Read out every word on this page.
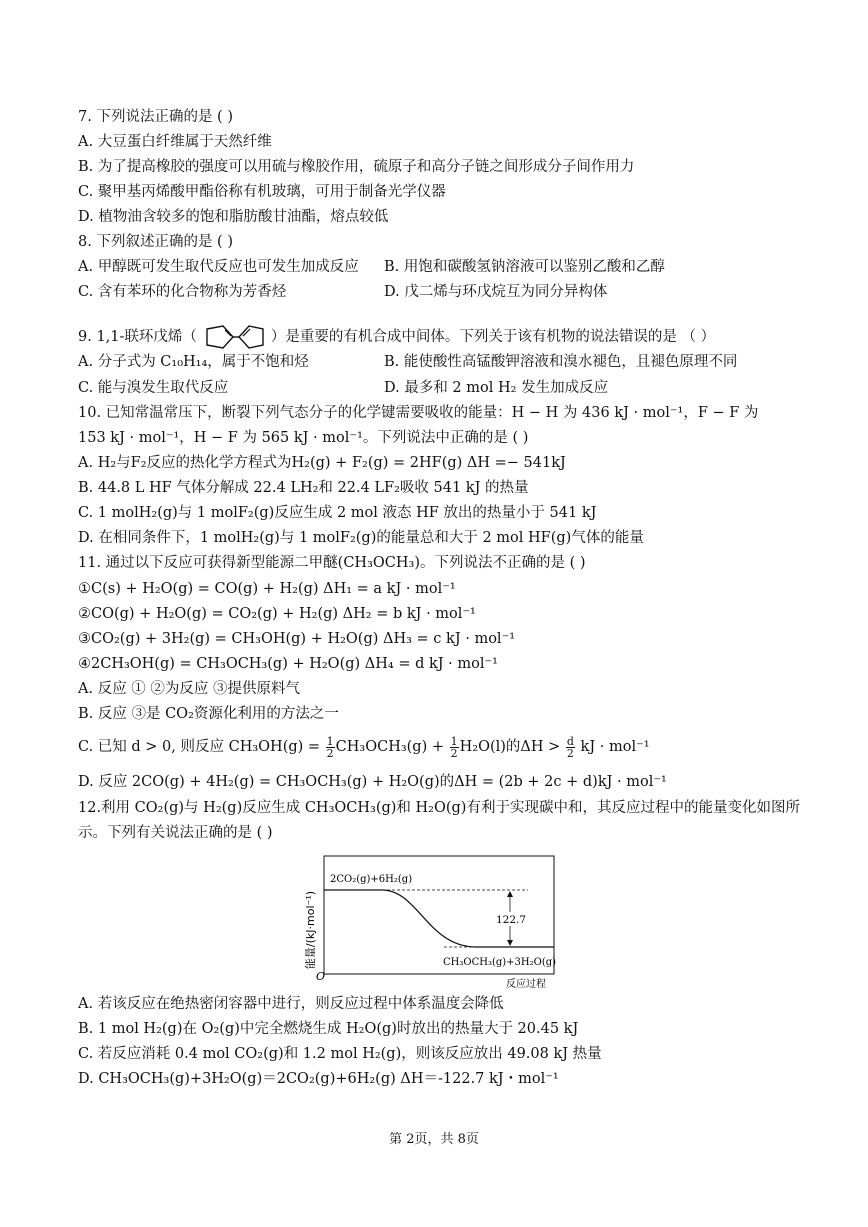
7. 下列说法正确的是 ( )
A. 大豆蛋白纤维属于天然纤维
B. 为了提高橡胶的强度可以用硫与橡胶作用，硫原子和高分子链之间形成分子间作用力
C. 聚甲基丙烯酸甲酯俗称有机玻璃，可用于制备光学仪器
D. 植物油含较多的饱和脂肪酸甘油酯，熔点较低
8. 下列叙述正确的是 ( )
A. 甲醇既可发生取代反应也可发生加成反应 B. 用饱和碳酸氢钠溶液可以鉴别乙酸和乙醇
C. 含有苯环的化合物称为芳香烃	D. 戊二烯与环戊烷互为同分异构体
9. 1,1-联环戊烯（	）是重要的有机合成中间体。下列关于该有机物的说法错误的是 （ ）
A. 分子式为 C₁₀H₁₄，属于不饱和烃	B. 能使酸性高锰酸钾溶液和溴水褪色，且褪色原理不同
C. 能与溴发生取代反应	D. 最多和 2 mol H₂ 发生加成反应
10. 已知常温常压下，断裂下列气态分子的化学键需要吸收的能量：H − H 为 436 kJ · mol⁻¹，F − F 为
153 kJ · mol⁻¹，H − F 为 565 kJ · mol⁻¹。下列说法中正确的是 ( )
A. H₂与F₂反应的热化学方程式为H₂(g) + F₂(g) = 2HF(g) ΔH =− 541kJ
B. 44.8 L HF 气体分解成 22.4 LH₂和 22.4 LF₂吸收 541 kJ 的热量
C. 1 molH₂(g)与 1 molF₂(g)反应生成 2 mol 液态 HF 放出的热量小于 541 kJ
D. 在相同条件下，1 molH₂(g)与 1 molF₂(g)的能量总和大于 2 mol HF(g)气体的能量
11. 通过以下反应可获得新型能源二甲醚(CH₃OCH₃)。下列说法不正确的是 ( )
①C(s) + H₂O(g) = CO(g) + H₂(g) ΔH₁ = a kJ · mol⁻¹
②CO(g) + H₂O(g) = CO₂(g) + H₂(g) ΔH₂ = b kJ · mol⁻¹
③CO₂(g) + 3H₂(g) = CH₃OH(g) + H₂O(g) ΔH₃ = c kJ · mol⁻¹
④2CH₃OH(g) = CH₃OCH₃(g) + H₂O(g) ΔH₄ = d kJ · mol⁻¹
A. 反应 ① ②为反应 ③提供原料气
B. 反应 ③是 CO₂资源化利用的方法之一
C. 已知 d > 0, 则反应 $CH_3OH(g) = \frac{1}{2} CH_3OCH_3(g) + \frac{1}{2} H_2O(l)$的$\Delta H > \frac{d}{2}$ kJ · mol⁻¹
D. 反应 2CO(g) + 4H₂(g) = CH₃OCH₃(g) + H₂O(g)的ΔH = (2b + 2c + d)kJ · mol⁻¹
12.利用 CO₂(g)与 H₂(g)反应生成 CH₃OCH₃(g)和 H₂O(g)有利于实现碳中和，其反应过程中的能量变化如图所
示。下列有关说法正确的是 ( )
能量/(kJ·mol⁻¹)
O
反应过程
122.7
2CO₂(g)+6H₂(g)
CH₃OCH₃(g)+3H₂O(g)
A. 若该反应在绝热密闭容器中进行，则反应过程中体系温度会降低
B. 1 mol H₂(g)在 O₂(g)中完全燃烧生成 H₂O(g)时放出的热量大于 20.45 kJ
C. 若反应消耗 0.4 mol CO₂(g)和 1.2 mol H₂(g)，则该反应放出 49.08 kJ 热量
D. CH₃OCH₃(g)+3H₂O(g)＝2CO₂(g)+6H₂(g) ΔH＝-122.7 kJ・mol⁻¹
第 2页，共 8页
